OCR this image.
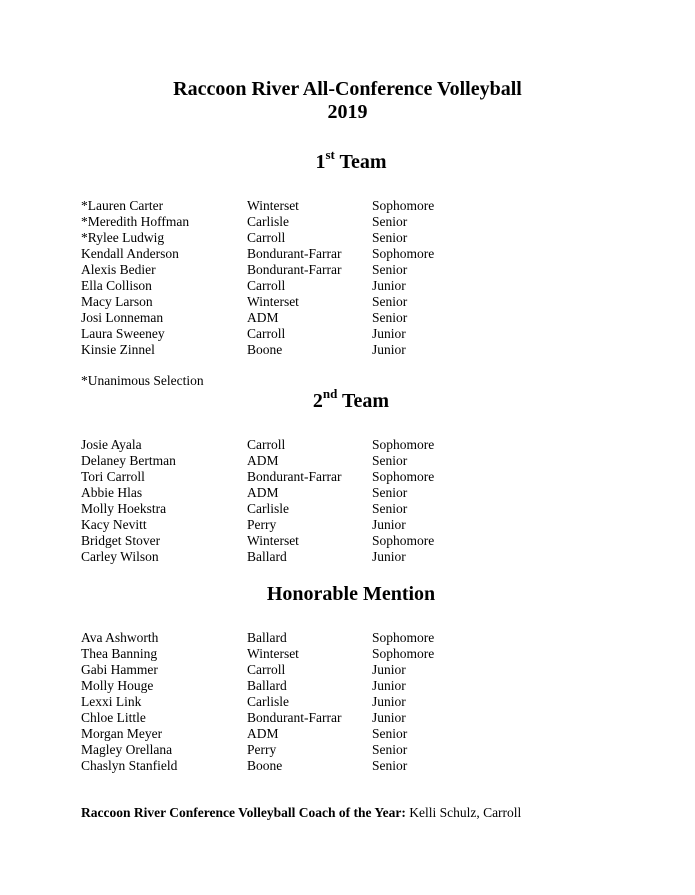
Raccoon River All-Conference Volleyball
2019
1st Team
*Lauren Carter	Winterset	Sophomore
*Meredith Hoffman	Carlisle	Senior
*Rylee Ludwig	Carroll	Senior
Kendall Anderson	Bondurant-Farrar Sophomore
Alexis Bedier	Bondurant-Farrar Senior
Ella Collison	Carroll	Junior
Macy Larson	Winterset	Senior
Josi Lonneman	ADM	Senior
Laura Sweeney	Carroll	Junior
Kinsie Zinnel	Boone	Junior
*Unanimous Selection
2nd Team
Josie Ayala	Carroll	Sophomore
Delaney Bertman	ADM	Senior
Tori Carroll	Bondurant-Farrar Sophomore
Abbie Hlas	ADM	Senior
Molly Hoekstra	Carlisle	Senior
Kacy Nevitt	Perry	Junior
Bridget Stover	Winterset	Sophomore
Carley Wilson	Ballard	Junior
Honorable Mention
Ava Ashworth	Ballard	Sophomore
Thea Banning	Winterset	Sophomore
Gabi Hammer	Carroll	Junior
Molly Houge	Ballard	Junior
Lexxi Link	Carlisle	Junior
Chloe Little	Bondurant-Farrar Junior
Morgan Meyer	ADM	Senior
Magley Orellana	Perry	Senior
Chaslyn Stanfield	Boone	Senior
Raccoon River Conference Volleyball Coach of the Year: Kelli Schulz, Carroll
